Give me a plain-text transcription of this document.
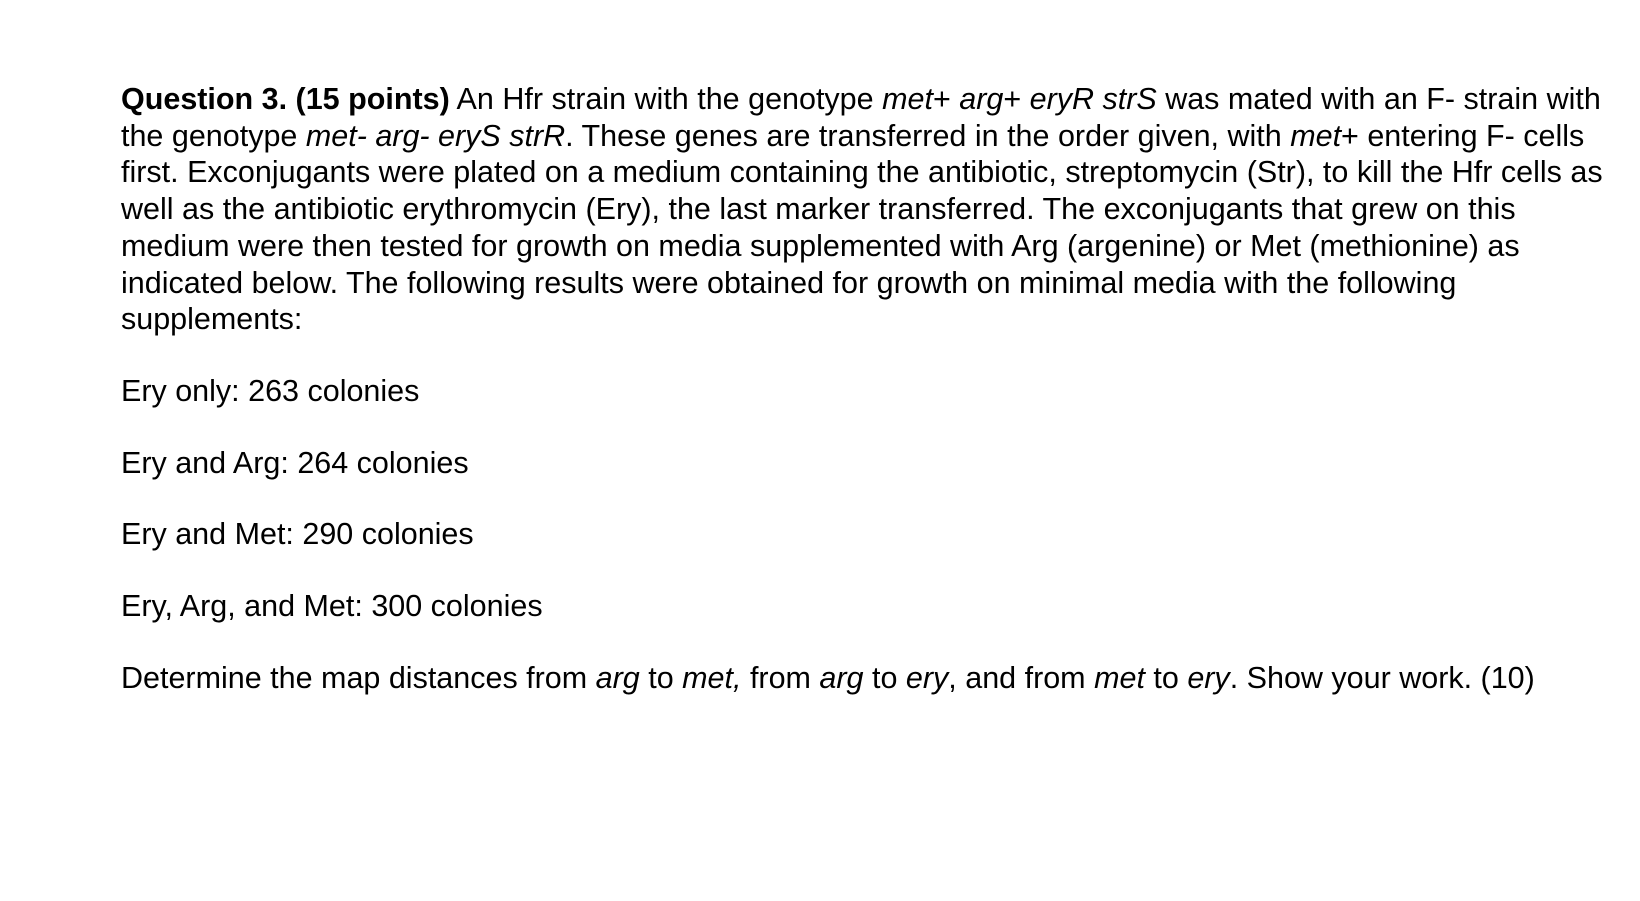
Question 3. (15 points) An Hfr strain with the genotype met+ arg+ eryR strS was mated with an F- strain with the genotype met- arg- eryS strR. These genes are transferred in the order given, with met+ entering F- cells first. Exconjugants were plated on a medium containing the antibiotic, streptomycin (Str), to kill the Hfr cells as well as the antibiotic erythromycin (Ery), the last marker transferred. The exconjugants that grew on this medium were then tested for growth on media supplemented with Arg (argenine) or Met (methionine) as indicated below. The following results were obtained for growth on minimal media with the following supplements:

Ery only: 263 colonies

Ery and Arg: 264 colonies

Ery and Met: 290 colonies

Ery, Arg, and Met: 300 colonies

Determine the map distances from arg to met, from arg to ery, and from met to ery. Show your work. (10)
